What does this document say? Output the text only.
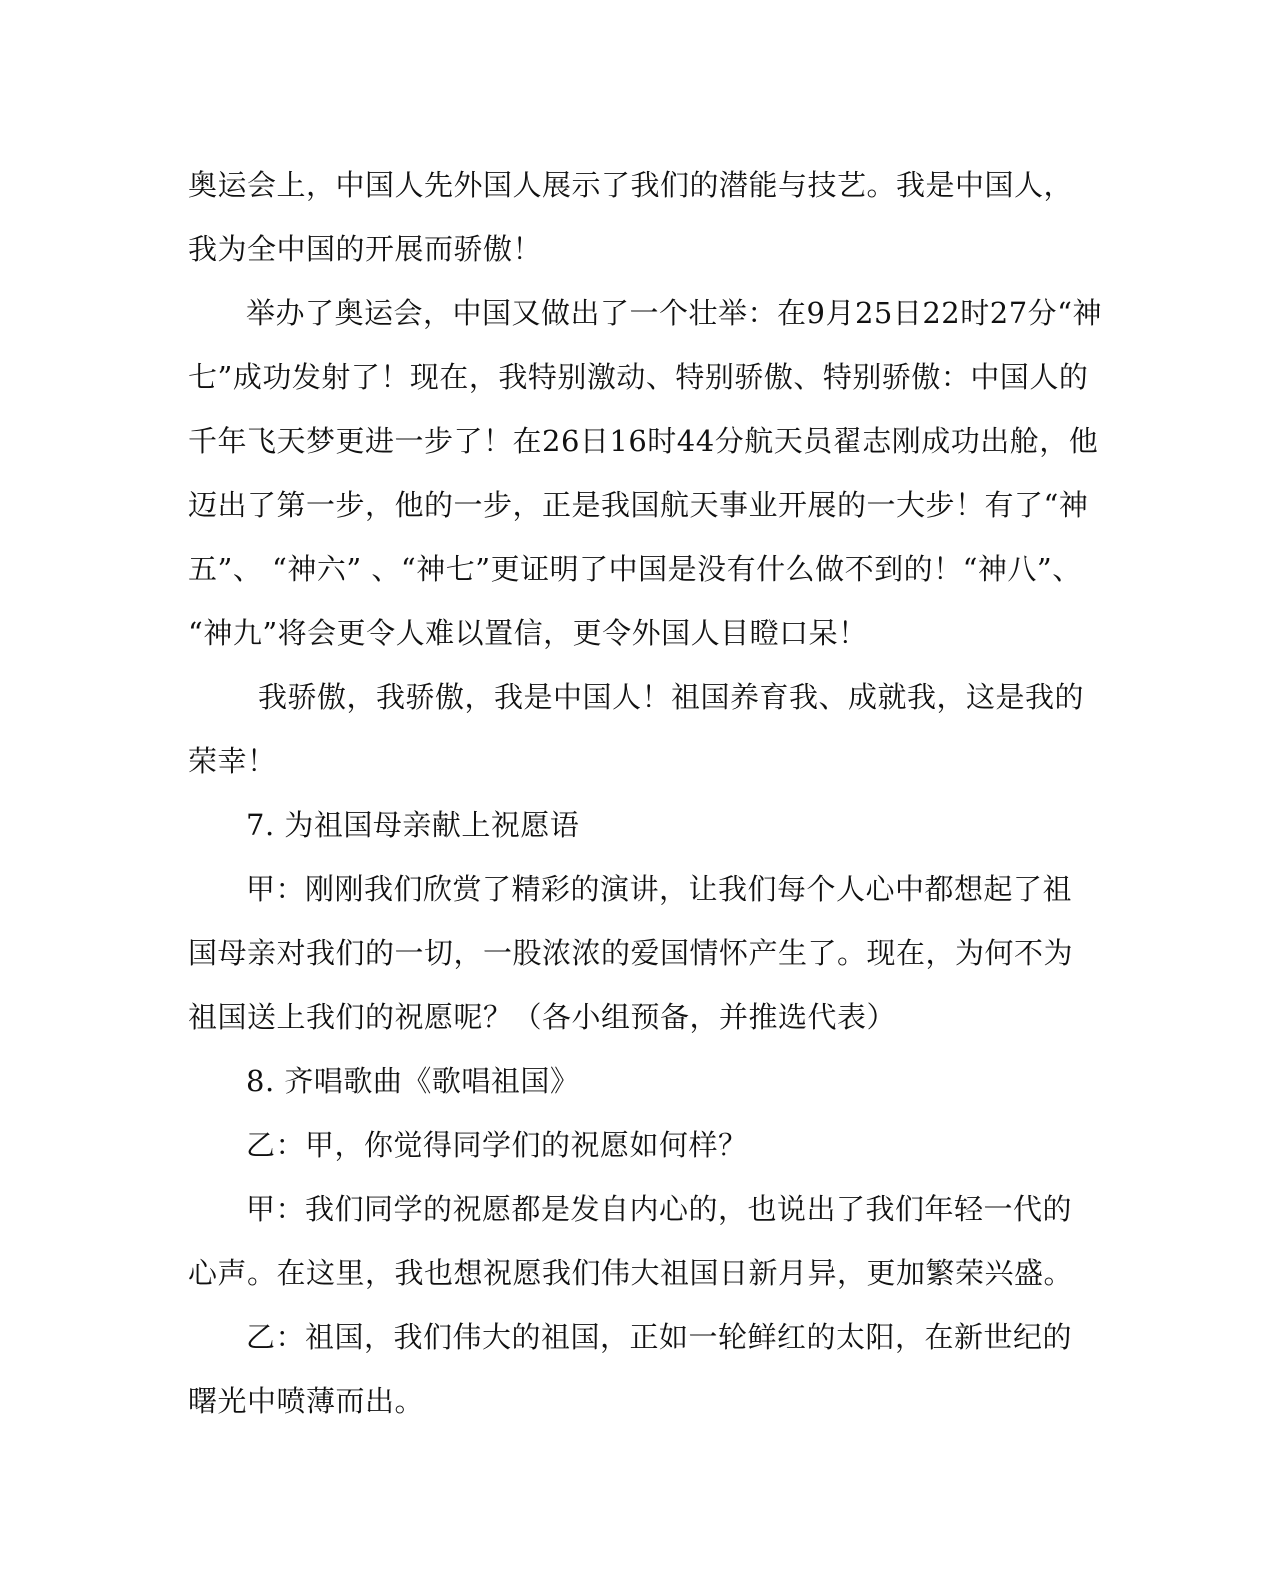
奥运会上，中国人先外国人展示了我们的潜能与技艺。我是中国人，
我为全中国的开展而骄傲！
举办了奥运会，中国又做出了一个壮举：在9月25日22时27分“神
七”成功发射了！现在，我特别激动、特别骄傲、特别骄傲：中国人的
千年飞天梦更进一步了！在26日16时44分航天员翟志刚成功出舱，他
迈出了第一步，他的一步，正是我国航天事业开展的一大步！有了“神
五”、 “神六” 、“神七”更证明了中国是没有什么做不到的！“神八”、
“神九”将会更令人难以置信，更令外国人目瞪口呆！
我骄傲，我骄傲，我是中国人！祖国养育我、成就我，这是我的
荣幸！
7. 为祖国母亲献上祝愿语
甲：刚刚我们欣赏了精彩的演讲，让我们每个人心中都想起了祖
国母亲对我们的一切，一股浓浓的爱国情怀产生了。现在，为何不为
祖国送上我们的祝愿呢？（各小组预备，并推选代表）
8. 齐唱歌曲《歌唱祖国》
乙：甲，你觉得同学们的祝愿如何样？
甲：我们同学的祝愿都是发自内心的，也说出了我们年轻一代的
心声。在这里，我也想祝愿我们伟大祖国日新月异，更加繁荣兴盛。
乙：祖国，我们伟大的祖国，正如一轮鲜红的太阳，在新世纪的
曙光中喷薄而出。
